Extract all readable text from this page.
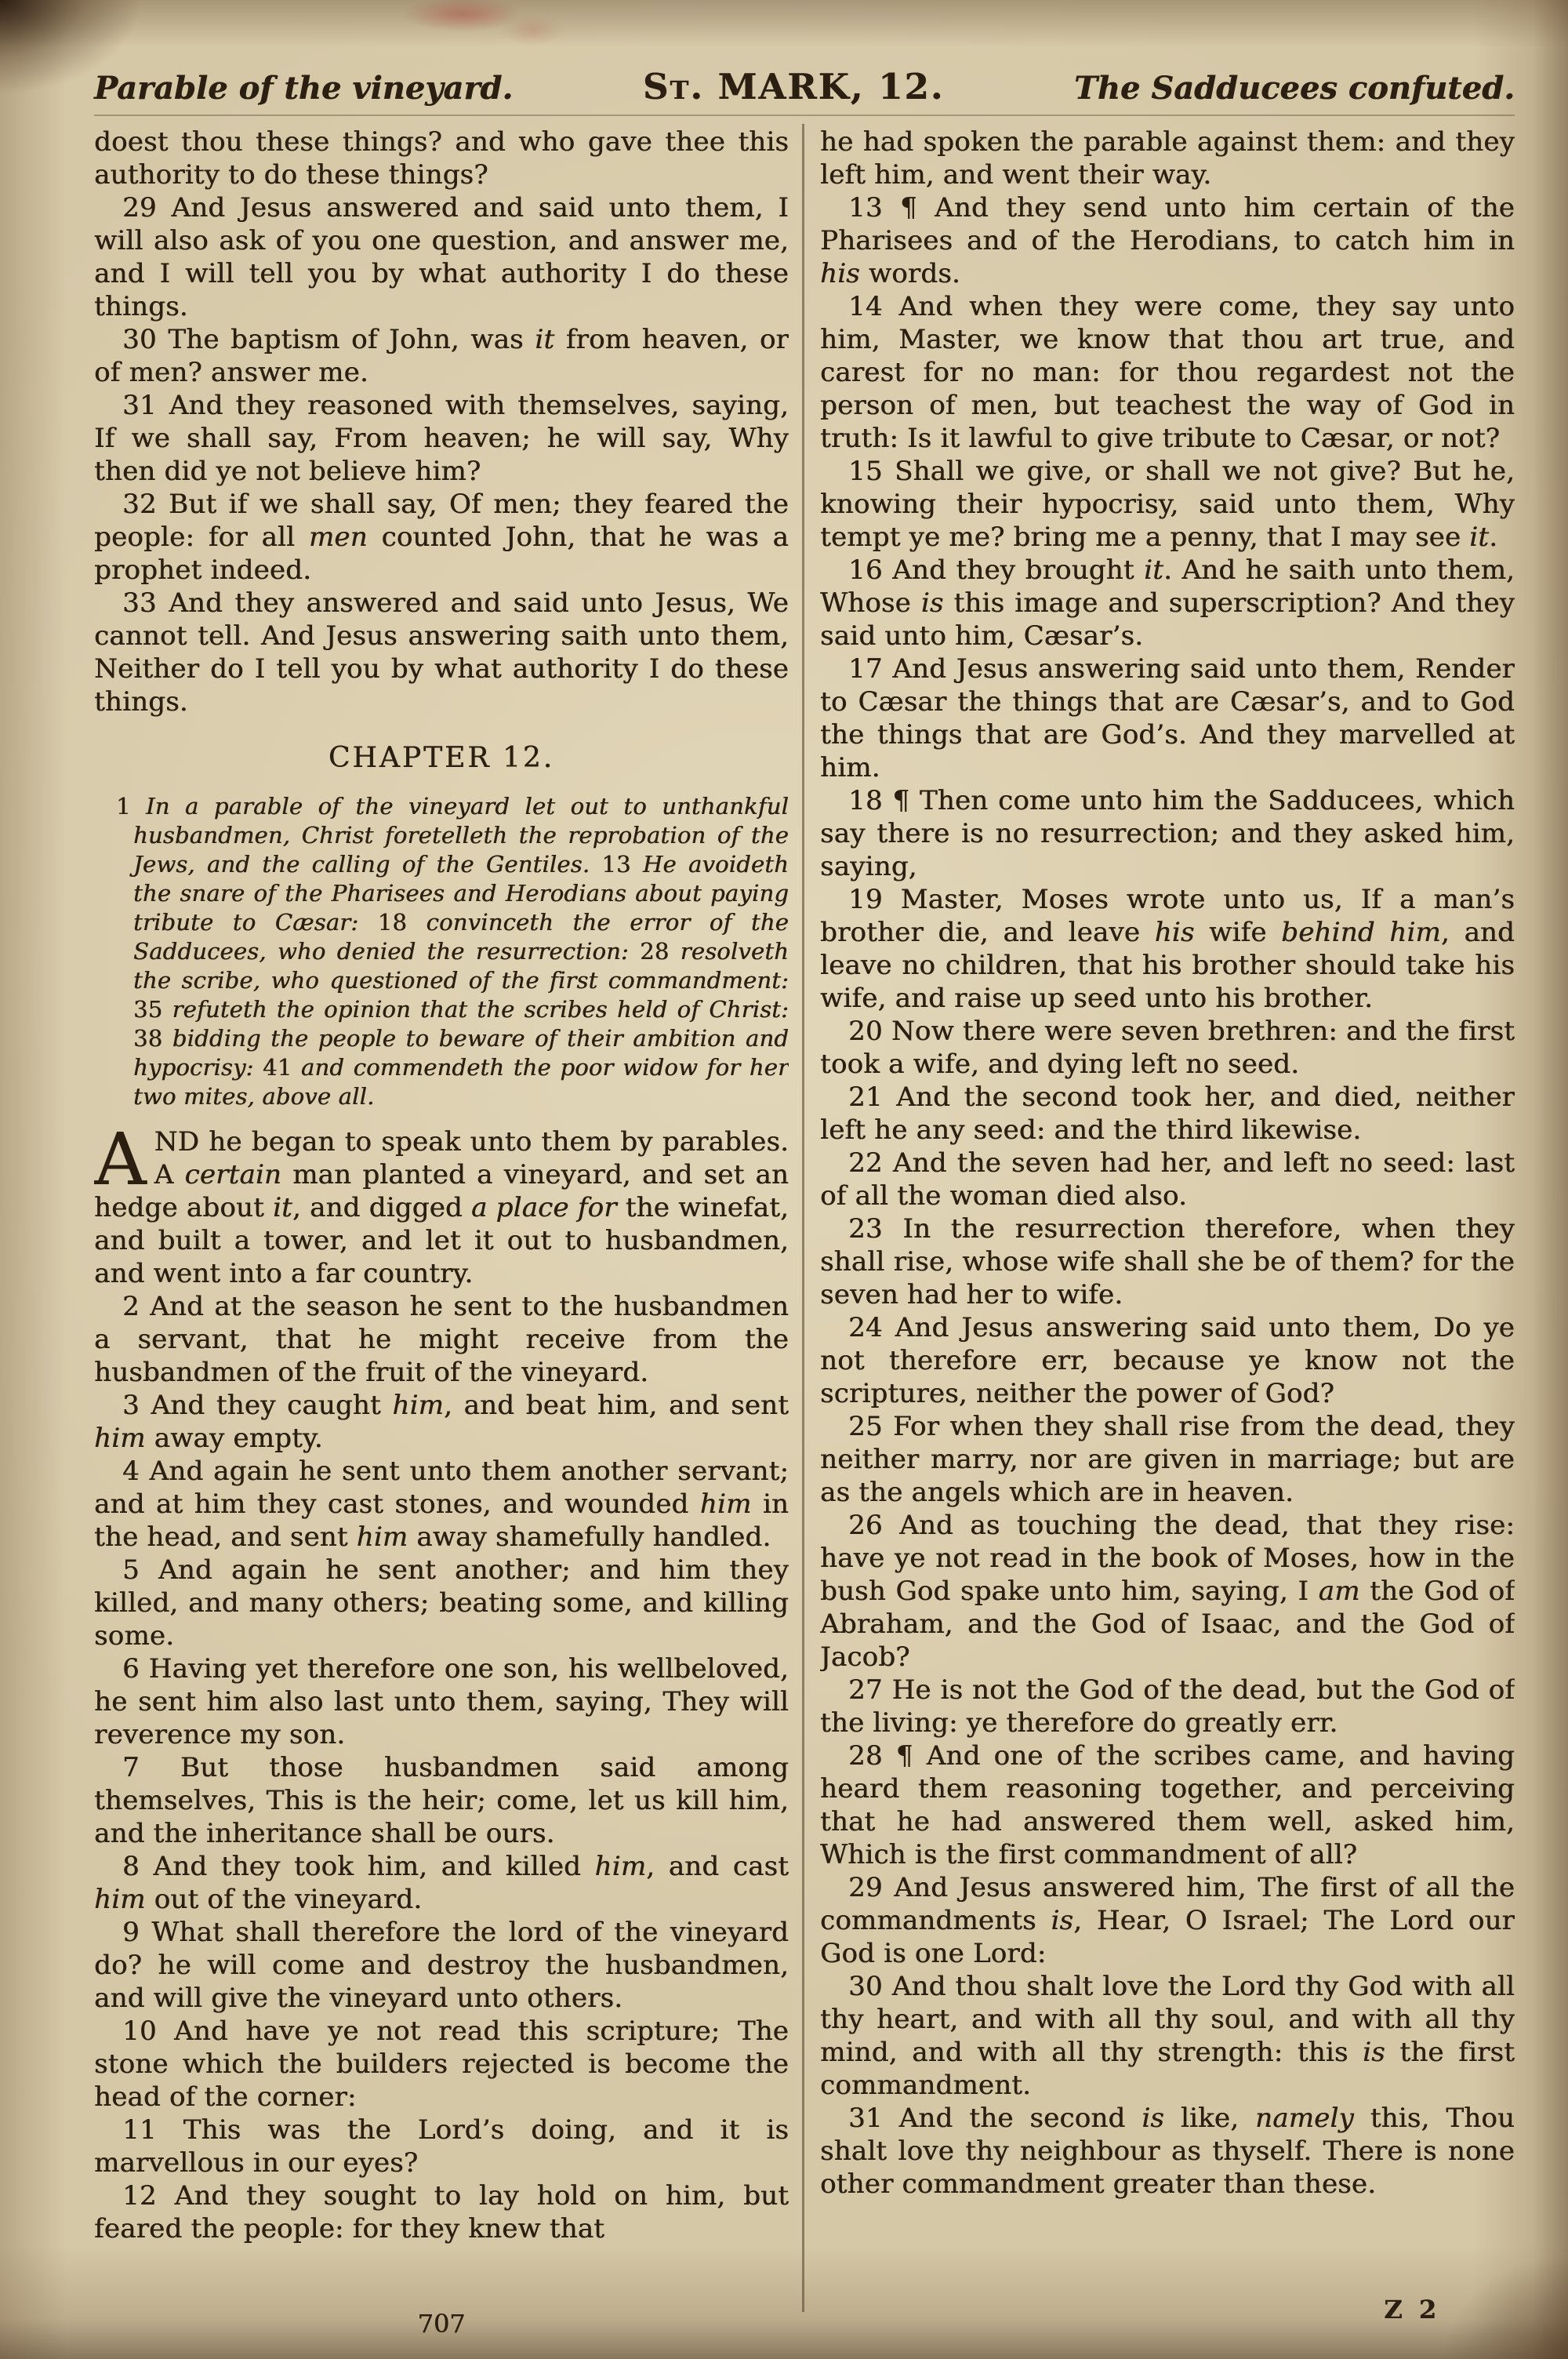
Parable of the vineyard.	St. MARK, 12.	The Sadducees confuted.

doest thou these things? and who gave thee this authority to do these things?

29 And Jesus answered and said unto them, I will also ask of you one question, and answer me, and I will tell you by what authority I do these things.

30 The baptism of John, was it from heaven, or of men? answer me.

31 And they reasoned with themselves, saying, If we shall say, From heaven; he will say, Why then did ye not believe him?

32 But if we shall say, Of men; they feared the people: for all men counted John, that he was a prophet indeed.

33 And they answered and said unto Jesus, We cannot tell. And Jesus answering saith unto them, Neither do I tell you by what authority I do these things.

CHAPTER 12.

1 In a parable of the vineyard let out to unthankful husbandmen, Christ foretelleth the reprobation of the Jews, and the calling of the Gentiles. 13 He avoideth the snare of the Pharisees and Herodians about paying tribute to Cæsar: 18 convinceth the error of the Sadducees, who denied the resurrection: 28 resolveth the scribe, who questioned of the first commandment: 35 refuteth the opinion that the scribes held of Christ: 38 bidding the people to beware of their ambition and hypocrisy: 41 and commendeth the poor widow for her two mites, above all.

AND he began to speak unto them by parables. A certain man planted a vineyard, and set an hedge about it, and digged a place for the winefat, and built a tower, and let it out to husbandmen, and went into a far country.

2 And at the season he sent to the husbandmen a servant, that he might receive from the husbandmen of the fruit of the vineyard.

3 And they caught him, and beat him, and sent him away empty.

4 And again he sent unto them another servant; and at him they cast stones, and wounded him in the head, and sent him away shamefully handled.

5 And again he sent another; and him they killed, and many others; beating some, and killing some.

6 Having yet therefore one son, his wellbeloved, he sent him also last unto them, saying, They will reverence my son.

7 But those husbandmen said among themselves, This is the heir; come, let us kill him, and the inheritance shall be ours.

8 And they took him, and killed him, and cast him out of the vineyard.

9 What shall therefore the lord of the vineyard do? he will come and destroy the husbandmen, and will give the vineyard unto others.

10 And have ye not read this scripture; The stone which the builders rejected is become the head of the corner:

11 This was the Lord’s doing, and it is marvellous in our eyes?

12 And they sought to lay hold on him, but feared the people: for they knew that

he had spoken the parable against them: and they left him, and went their way.

13 ¶ And they send unto him certain of the Pharisees and of the Herodians, to catch him in his words.

14 And when they were come, they say unto him, Master, we know that thou art true, and carest for no man: for thou regardest not the person of men, but teachest the way of God in truth: Is it lawful to give tribute to Cæsar, or not?

15 Shall we give, or shall we not give? But he, knowing their hypocrisy, said unto them, Why tempt ye me? bring me a penny, that I may see it.

16 And they brought it. And he saith unto them, Whose is this image and superscription? And they said unto him, Cæsar’s.

17 And Jesus answering said unto them, Render to Cæsar the things that are Cæsar’s, and to God the things that are God’s. And they marvelled at him.

18 ¶ Then come unto him the Sadducees, which say there is no resurrection; and they asked him, saying,

19 Master, Moses wrote unto us, If a man’s brother die, and leave his wife behind him, and leave no children, that his brother should take his wife, and raise up seed unto his brother.

20 Now there were seven brethren: and the first took a wife, and dying left no seed.

21 And the second took her, and died, neither left he any seed: and the third likewise.

22 And the seven had her, and left no seed: last of all the woman died also.

23 In the resurrection therefore, when they shall rise, whose wife shall she be of them? for the seven had her to wife.

24 And Jesus answering said unto them, Do ye not therefore err, because ye know not the scriptures, neither the power of God?

25 For when they shall rise from the dead, they neither marry, nor are given in marriage; but are as the angels which are in heaven.

26 And as touching the dead, that they rise: have ye not read in the book of Moses, how in the bush God spake unto him, saying, I am the God of Abraham, and the God of Isaac, and the God of Jacob?

27 He is not the God of the dead, but the God of the living: ye therefore do greatly err.

28 ¶ And one of the scribes came, and having heard them reasoning together, and perceiving that he had answered them well, asked him, Which is the first commandment of all?

29 And Jesus answered him, The first of all the commandments is, Hear, O Israel; The Lord our God is one Lord:

30 And thou shalt love the Lord thy God with all thy heart, and with all thy soul, and with all thy mind, and with all thy strength: this is the first commandment.

31 And the second is like, namely this, Thou shalt love thy neighbour as thyself. There is none other commandment greater than these.

707	Z 2
